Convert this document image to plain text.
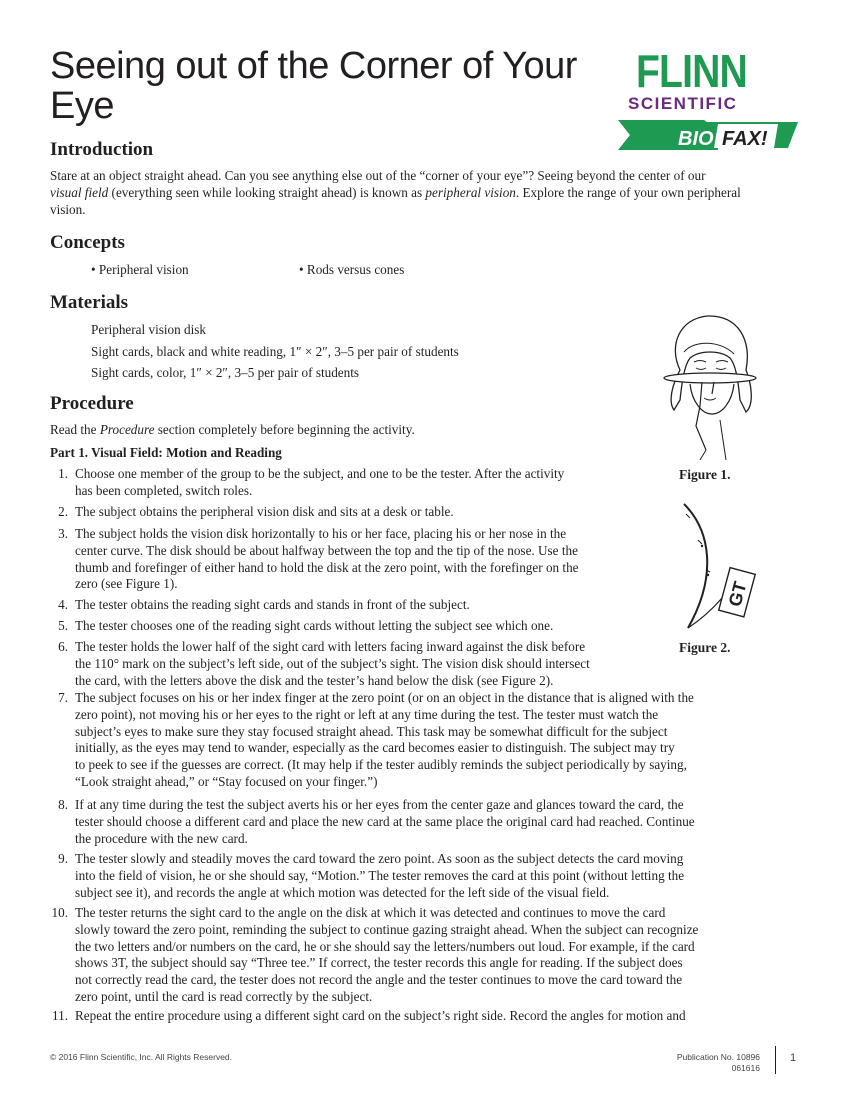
Seeing out of the Corner of Your Eye
FLINN
SCIENTIFIC
BIO FAX!
Introduction
Stare at an object straight ahead. Can you see anything else out of the “corner of your eye”? Seeing beyond the center of our
visual field (everything seen while looking straight ahead) is known as peripheral vision. Explore the range of your own peripheral
vision.
Concepts
• Peripheral vision	• Rods versus cones
Materials
Peripheral vision disk
Sight cards, black and white reading, 1″ × 2″, 3–5 per pair of students
Sight cards, color, 1″ × 2″, 3–5 per pair of students
Procedure
Read the Procedure section completely before beginning the activity.
Part 1. Visual Field: Motion and Reading
1. Choose one member of the group to be the subject, and one to be the tester. After the activity
has been completed, switch roles.
2. The subject obtains the peripheral vision disk and sits at a desk or table.
3. The subject holds the vision disk horizontally to his or her face, placing his or her nose in the
center curve. The disk should be about halfway between the top and the tip of the nose. Use the
thumb and forefinger of either hand to hold the disk at the zero point, with the forefinger on the
zero (see Figure 1).
4. The tester obtains the reading sight cards and stands in front of the subject.
5. The tester chooses one of the reading sight cards without letting the subject see which one.
6. The tester holds the lower half of the sight card with letters facing inward against the disk before
the 110° mark on the subject’s left side, out of the subject’s sight. The vision disk should intersect
the card, with the letters above the disk and the tester’s hand below the disk (see Figure 2).
7. The subject focuses on his or her index finger at the zero point (or on an object in the distance that is aligned with the
zero point), not moving his or her eyes to the right or left at any time during the test. The tester must watch the
subject’s eyes to make sure they stay focused straight ahead. This task may be somewhat difficult for the subject
initially, as the eyes may tend to wander, especially as the card becomes easier to distinguish. The subject may try
to peek to see if the guesses are correct. (It may help if the tester audibly reminds the subject periodically by saying,
“Look straight ahead,” or “Stay focused on your finger.”)
8. If at any time during the test the subject averts his or her eyes from the center gaze and glances toward the card, the
tester should choose a different card and place the new card at the same place the original card had reached. Continue
the procedure with the new card.
9. The tester slowly and steadily moves the card toward the zero point. As soon as the subject detects the card moving
into the field of vision, he or she should say, “Motion.” The tester removes the card at this point (without letting the
subject see it), and records the angle at which motion was detected for the left side of the visual field.
10. The tester returns the sight card to the angle on the disk at which it was detected and continues to move the card
slowly toward the zero point, reminding the subject to continue gazing straight ahead. When the subject can recognize
the two letters and/or numbers on the card, he or she should say the letters/numbers out loud. For example, if the card
shows 3T, the subject should say “Three tee.” If correct, the tester records this angle for reading. If the subject does
not correctly read the card, the tester does not record the angle and the tester continues to move the card toward the
zero point, until the card is read correctly by the subject.
11. Repeat the entire procedure using a different sight card on the subject’s right side. Record the angles for motion and
Figure 1.
GT
Figure 2.
© 2016 Flinn Scientific, Inc. All Rights Reserved.	Publication No. 10896
061616
1
